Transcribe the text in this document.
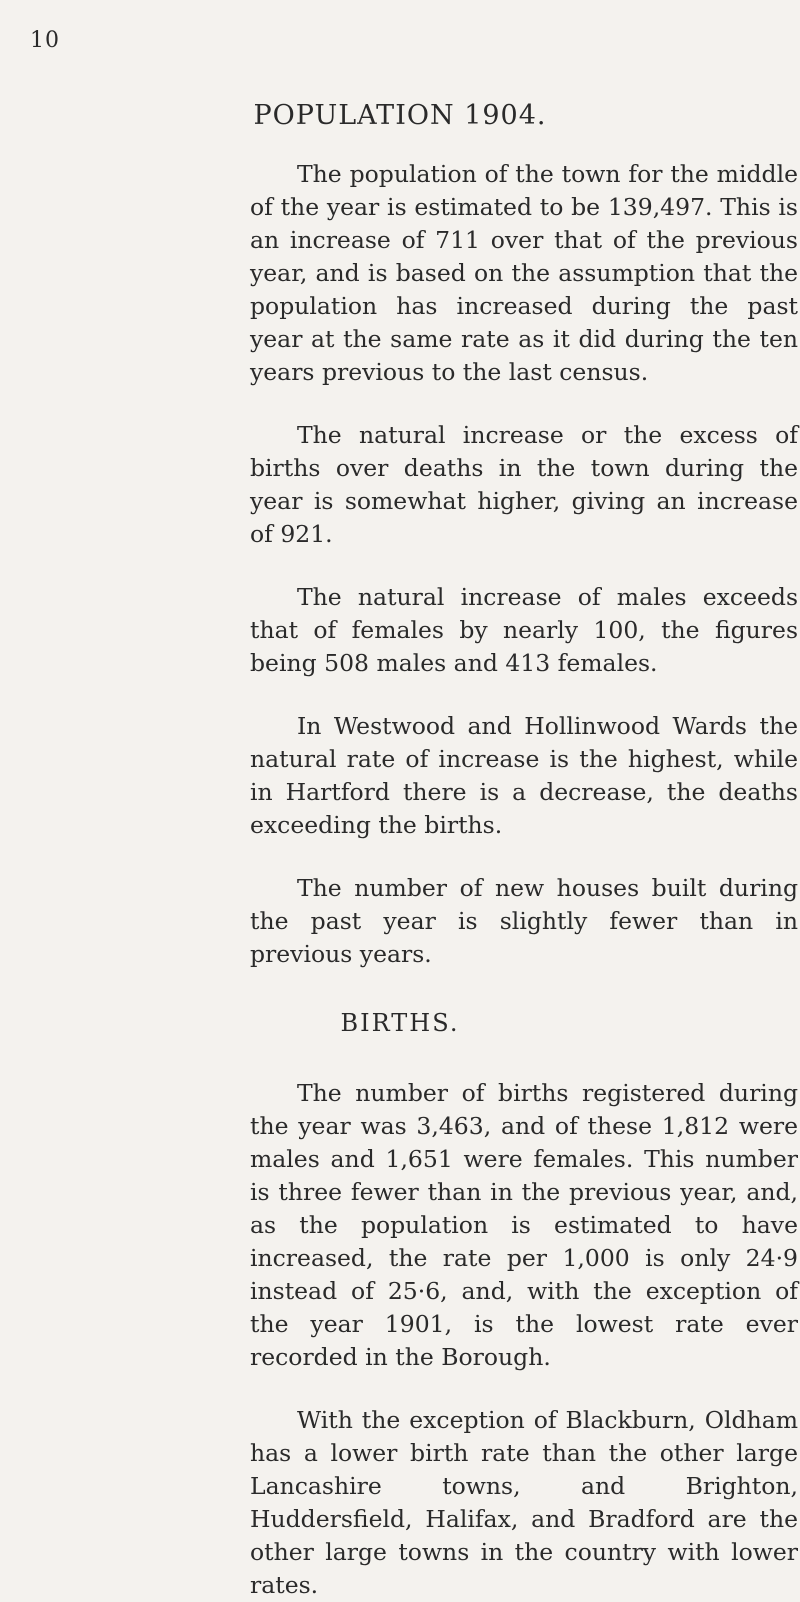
10
POPULATION 1904.

The population of the town for the middle of the year is estimated to be 139,497. This is an increase of 711 over that of the previous year, and is based on the assumption that the population has increased during the past year at the same rate as it did during the ten years previous to the last census.

The natural increase or the excess of births over deaths in the town during the year is somewhat higher, giving an increase of 921.

The natural increase of males exceeds that of females by nearly 100, the figures being 508 males and 413 females.

In Westwood and Hollinwood Wards the natural rate of increase is the highest, while in Hartford there is a decrease, the deaths exceeding the births.

The number of new houses built during the past year is slightly fewer than in previous years.

BIRTHS.

The number of births registered during the year was 3,463, and of these 1,812 were males and 1,651 were females. This number is three fewer than in the previous year, and, as the population is estimated to have increased, the rate per 1,000 is only 24·9 instead of 25·6, and, with the exception of the year 1901, is the lowest rate ever recorded in the Borough.

With the exception of Blackburn, Oldham has a lower birth rate than the other large Lancashire towns, and Brighton, Huddersfield, Halifax, and Bradford are the other large towns in the country with lower rates.
